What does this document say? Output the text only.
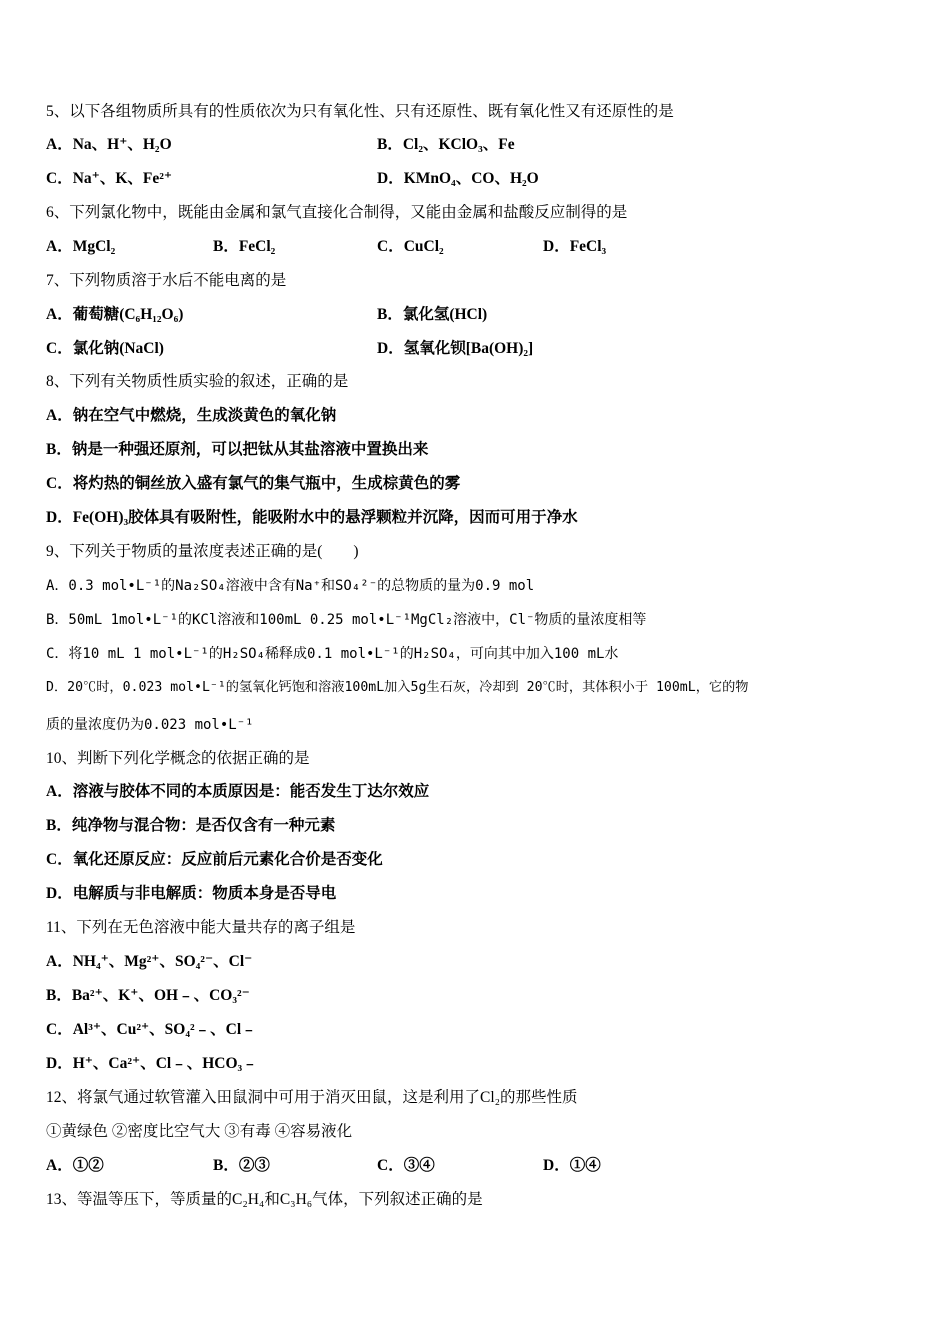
5、以下各组物质所具有的性质依次为只有氧化性、只有还原性、既有氧化性又有还原性的是
A．Na、H⁺、H₂O	B．Cl₂、KClO₃、Fe
C．Na⁺、K、Fe²⁺	D．KMnO₄、CO、H₂O
6、下列氯化物中，既能由金属和氯气直接化合制得，又能由金属和盐酸反应制得的是
A．MgCl₂	B．FeCl₂	C．CuCl₂	D．FeCl₃
7、下列物质溶于水后不能电离的是
A．葡萄糖(C₆H₁₂O₆)	B．氯化氢(HCl)
C．氯化钠(NaCl)	D．氢氧化钡[Ba(OH)₂]
8、下列有关物质性质实验的叙述，正确的是
A．钠在空气中燃烧，生成淡黄色的氧化钠
B．钠是一种强还原剂，可以把钛从其盐溶液中置换出来
C．将灼热的铜丝放入盛有氯气的集气瓶中，生成棕黄色的雾
D．Fe(OH)₃胶体具有吸附性，能吸附水中的悬浮颗粒并沉降，因而可用于净水
9、下列关于物质的量浓度表述正确的是(　　)
A．0.3 mol•L⁻¹的Na₂SO₄溶液中含有Na⁺和SO₄²⁻的总物质的量为0.9 mol
B．50mL 1mol•L⁻¹的KCl溶液和100mL 0.25 mol•L⁻¹MgCl₂溶液中，Cl⁻物质的量浓度相等
C．将10 mL 1 mol•L⁻¹的H₂SO₄稀释成0.1 mol•L⁻¹的H₂SO₄，可向其中加入100 mL水
D．20℃时，0.023 mol•L⁻¹的氢氧化钙饱和溶液100mL加入5g生石灰，冷却到 20℃时，其体积小于 100mL，它的物
质的量浓度仍为0.023 mol•L⁻¹
10、判断下列化学概念的依据正确的是
A．溶液与胶体不同的本质原因是：能否发生丁达尔效应
B．纯净物与混合物：是否仅含有一种元素
C．氧化还原反应：反应前后元素化合价是否变化
D．电解质与非电解质：物质本身是否导电
11、下列在无色溶液中能大量共存的离子组是
A．NH₄⁺、Mg²⁺、SO₄²⁻、Cl⁻
B．Ba²⁺、K⁺、OH﹣、CO₃²⁻
C．Al³⁺、Cu²⁺、SO₄²﹣、Cl﹣
D．H⁺、Ca²⁺、Cl﹣、HCO₃﹣
12、将氯气通过软管灌入田鼠洞中可用于消灭田鼠，这是利用了Cl₂的那些性质
①黄绿色 ②密度比空气大 ③有毒 ④容易液化
A．①②	B．②③	C．③④	D．①④
13、等温等压下，等质量的C₂H₄和C₃H₆气体，下列叙述正确的是
